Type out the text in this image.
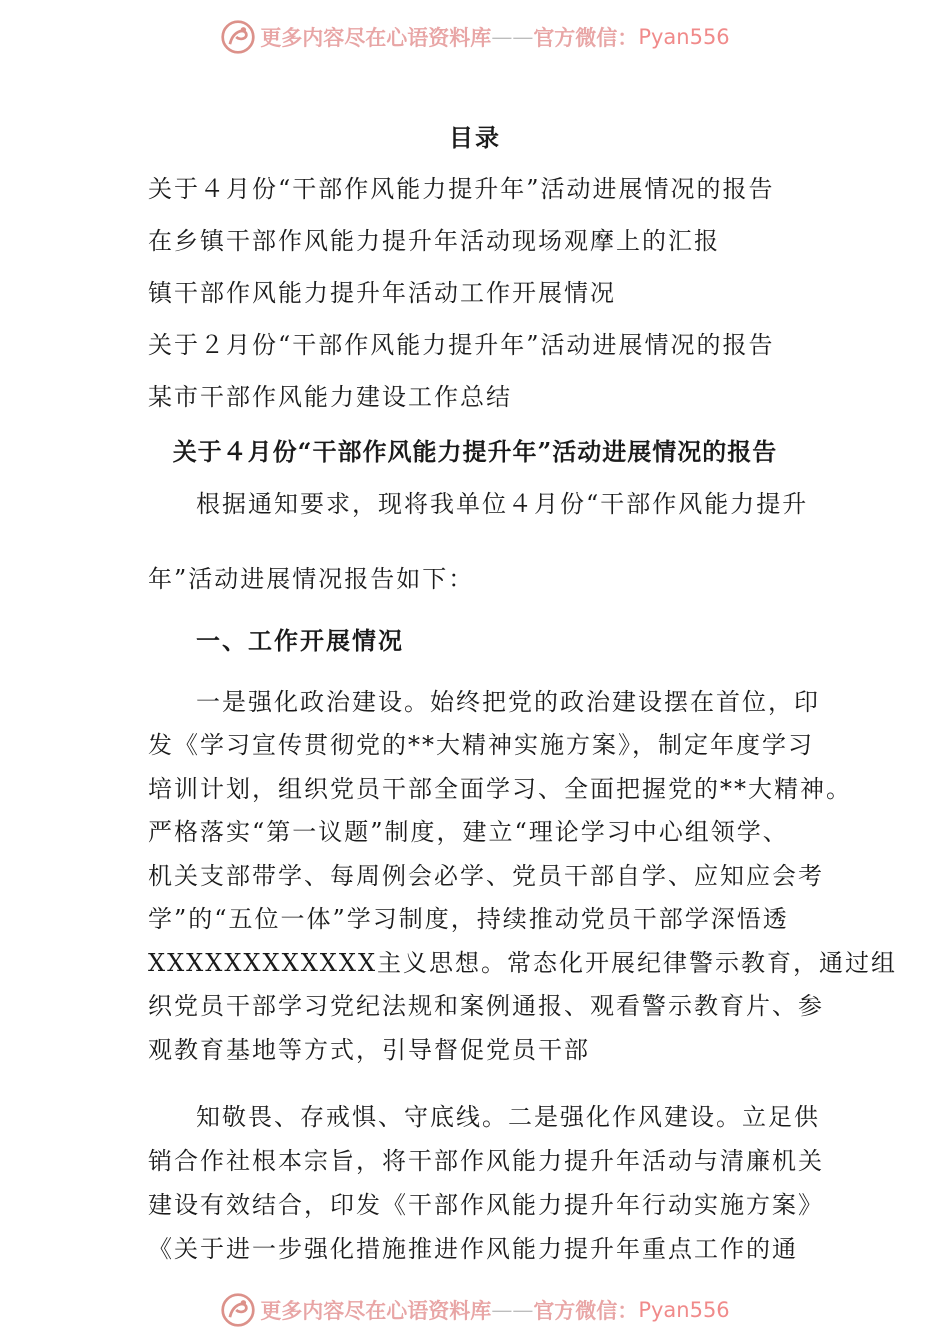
更多内容尽在心语资料库 —— 官方微信： Pyan556
目录
关于４月份“干部作风能力提升年”活动进展情况的报告
在乡镇干部作风能力提升年活动现场观摩上的汇报
镇干部作风能力提升年活动工作开展情况
关于２月份“干部作风能力提升年”活动进展情况的报告
某市干部作风能力建设工作总结
关于４月份“干部作风能力提升年”活动进展情况的报告
根据通知要求，现将我单位４月份“干部作风能力提升
年”活动进展情况报告如下：
一、工作开展情况
一是强化政治建设。始终把党的政治建设摆在首位，印
发《学习宣传贯彻党的**大精神实施方案》，制定年度学习
培训计划，组织党员干部全面学习、全面把握党的**大精神。
严格落实“第一议题”制度，建立“理论学习中心组领学、
机关支部带学、每周例会必学、党员干部自学、应知应会考
学”的“五位一体”学习制度，持续推动党员干部学深悟透
XXXXXXXXXXXX主义思想。常态化开展纪律警示教育，通过组
织党员干部学习党纪法规和案例通报、观看警示教育片、参
观教育基地等方式，引导督促党员干部
知敬畏、存戒惧、守底线。二是强化作风建设。立足供
销合作社根本宗旨，将干部作风能力提升年活动与清廉机关
建设有效结合，印发《干部作风能力提升年行动实施方案》
《关于进一步强化措施推进作风能力提升年重点工作的通
更多内容尽在心语资料库 —— 官方微信： Pyan556
